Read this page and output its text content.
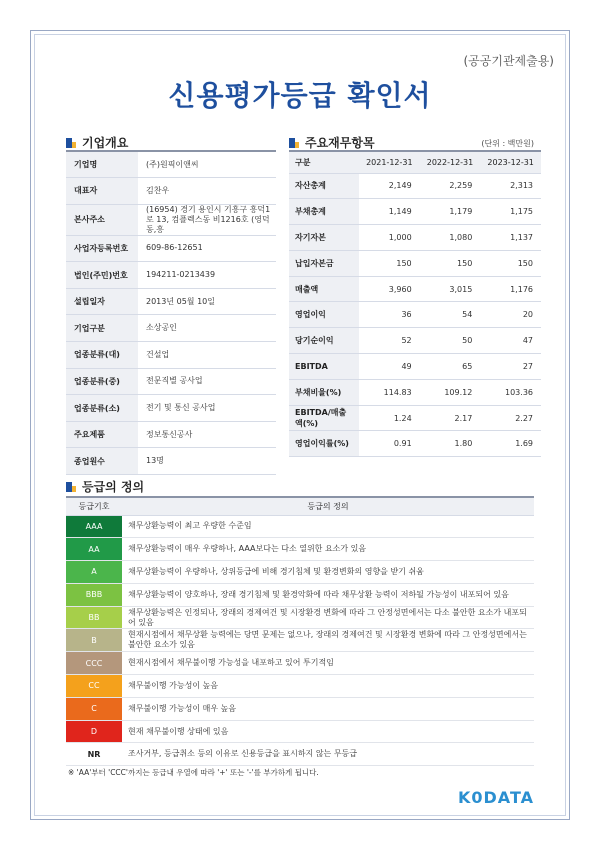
(공공기관제출용)
신용평가등급 확인서
기업개요	주요재무항목	(단위 : 백만원)
기업명	(주)원픽이앤씨
대표자	김찬우
본사주소	(16954) 경기 용인시 기흥구 흥덕1로 13, 컴플렉스동 비1216호 (영덕동,흥
사업자등록번호	609-86-12651
법인(주민)번호	194211-0213439
설립일자	2013년 05월 10일
기업구분	소상공인
업종분류(대)	건설업
업종분류(중)	전문직별 공사업
업종분류(소)	전기 및 통신 공사업
주요제품	정보통신공사
종업원수	13명
구분	2021-12-31	2022-12-31	2023-12-31
자산총계	2,149	2,259	2,313
부채총계	1,149	1,179	1,175
자기자본	1,000	1,080	1,137
납입자본금	150	150	150
매출액	3,960	3,015	1,176
영업이익	36	54	20
당기순이익	52	50	47
EBITDA	49	65	27
부채비율(%)	114.83	109.12	103.36
EBITDA/매출액(%)	1.24	2.17	2.27
영업이익률(%)	0.91	1.80	1.69
등급의 정의
등급기호	등급의 정의
AAA	채무상환능력이 최고 우량한 수준임
AA	채무상환능력이 매우 우량하나, AAA보다는 다소 열위한 요소가 있음
A	채무상환능력이 우량하나, 상위등급에 비해 경기침체 및 환경변화의 영향을 받기 쉬움
BBB	채무상환능력이 양호하나, 장래 경기침체 및 환경악화에 따라 채무상환 능력이 저하될 가능성이 내포되어 있음
BB	채무상환능력은 인정되나, 장래의 경제여건 및 시장환경 변화에 따라 그 안정성면에서는 다소 불안한 요소가 내포되어 있음
B	현재시점에서 채무상환 능력에는 당면 문제는 없으나, 장래의 경제여건 및 시장환경 변화에 따라 그 안정성면에서는 불안한 요소가 있음
CCC	현재시점에서 채무불이행 가능성을 내포하고 있어 투기적임
CC	채무불이행 가능성이 높음
C	채무불이행 가능성이 매우 높음
D	현재 채무불이행 상태에 있음
NR	조사거부, 등급취소 등의 이유로 신용등급을 표시하지 않는 무등급
※ 'AA'부터 'CCC'까지는 등급내 우열에 따라 '+' 또는 '-'를 부가하게 됩니다.
K0DATA
